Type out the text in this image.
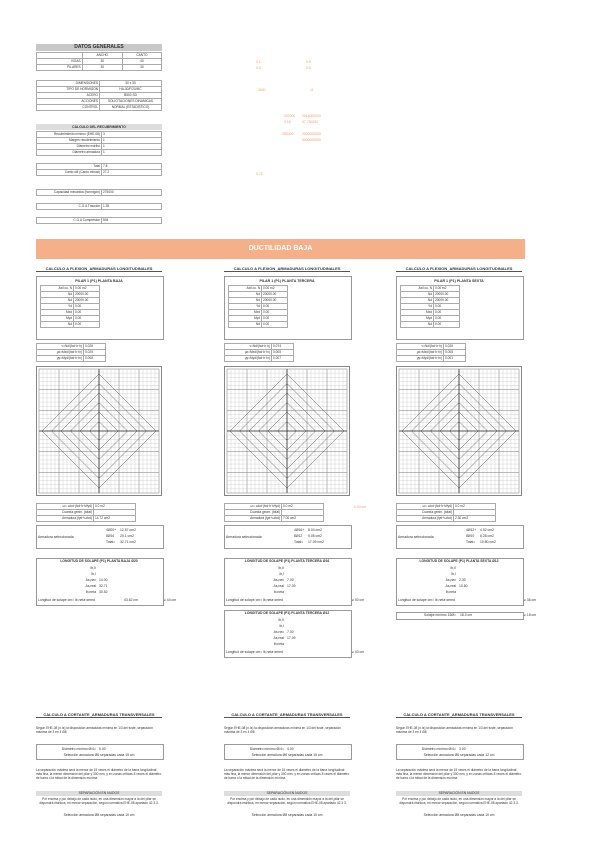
DATOS GENERALES
	ANCHO	CANTO
VIGAS	30	40
PILARES	30	30
0.1	0.5
0.5	0.5
DIMENSIONES	30 x 30
TIPO DE HORMIGÓN	HA-30/F/20/IIIC
ACERO	B500 SD
ACCIONES	SOLICITACIONES DINÁMICAS
CONTROL	NORMAL (ESTADÍSTICO)
3000	11
202000 2014000000
0.16	47.790250
280000	2000000000
4000000000
CÁLCULO DEL RECUBRIMIENTO
Recubrimiento mínimo (EHE-08)	3
Margen recubrimiento	1
Diámetro estribo	1
Diámetro armadura	1
Total	7.8
Canto útil (Canto minusi)	27.2	0.70
Capacidad mecánica (hormigón)	275000
C.G.A Tracción	1.35
C.G.A Compresión	594
DUCTILIDAD BAJA
CALCULO A FLEXION_ARMADURAS LONGITUDINALES
PILAR 1 (P1) PLANTA BAJA
Axil cu. N	0.00 m2
Nd	20000.00
Nd	20000.00
Yd	0.00
Mxd	0.00
Myd	0.00
Nd	0.00
ν=Nd/(fcd·b·h)	0.026
μx=Mxd/(fcd·b·h²)	0.025
μy=Myd/(fcd·b·h²)	0.008
ω= ωtot·(fcd·b·h/fyd)	0.0 m2
Cuantía geom. (total)	
Armadura (fyd+ωfcd)	14.72 cm2
Armadura seleccionada
4Ø20+ 12.57 cm2
8Ø16 20.1 cm2
Total= 32.71 cm2
LONGITUD DE SOLAPE (P1) PLANTA BAJA Ø20
lb,II
lb,I
As,nec 14.00
As,real 32.71
lb,neta 30.52
Longitud de solape cm= lb,neta·αmed	43.62 cm	≥ 44 cm
CALCULO A CORTANTE_ARMADURAS TRANSVERSALES
Según EHE-08 (n.Is) la disposición armaduras mínima en 1/3 del fuste, separación máxima de 3 en 4 Ø8
Diámetro mínimo Ø/4= 5.00
Selección armadura Ø6 separadas cada 15 cm
La separación máxima será la menor de 15 veces el diámetro de la barra longitudinal más fina, la menor dimensión del pilar y 300 mm, y en zonas críticas 8 veces el diámetro de barra o la mitad de la dimensión mínima.
SEPARACIÓN EN NUDOS
Por encima y por debajo de cada nudo, en una dimensión mayor a la del pilar se dispondrá estribos, en menor separación, según normativa EHE-08 apartado 42.3.3.
Selección armadura Ø8 separadas cada 10 cm
CALCULO A FLEXION_ARMADURAS LONGITUDINALES
PILAR 1 (P1) PLANTA TERCERA
Axil cu. N	0.00 m2
Nd	20000.00
Nd	20000.00
Yd	0.00
Mxd	0.00
Myd	0.00
Nd	0.00
ν=Nd/(fcd·b·h)	0.074
μx=Mxd/(fcd·b·h²)	0.005
μy=Myd/(fcd·b·h²)	0.007
ω= ωtot·(fcd·b·h/fyd)	0.0 m2
Cuantía geom. (total)	
Armadura (fyd+ωfcd)	7.00 cm2
0.00 cm
Armadura seleccionada
4Ø16+ 8.04 cm2
8Ø12 9.05 cm2
Total= 17.09 cm2
LONGITUD DE SOLAPE (P1) PLANTA TERCERA Ø16
lb,II
lb,I
As,nec 7.00
As,real 17.09
lb,neta
Longitud de solape cm= lb,neta·αmed	≥ 40 cm
LONGITUD DE SOLAPE (P1) PLANTA TERCERA Ø12
lb,II
lb,I
As,nec 7.00
As,real 17.09
lb,neta
Longitud de solape cm= lb,neta·αmed	≥ 40 cm
CALCULO A CORTANTE_ARMADURAS TRANSVERSALES
Según EHE-08 (n.Is) la disposición armaduras mínima en 1/3 del fuste, separación máxima de 3 en 4 Ø8
Diámetro mínimo Ø/4= 4.00
Selección armadura Ø6 separadas cada 15 cm
La separación máxima será la menor de 15 veces el diámetro de la barra longitudinal más fina, la menor dimensión del pilar y 300 mm, y en zonas críticas 8 veces el diámetro de barra o la mitad de la dimensión mínima.
SEPARACIÓN EN NUDOS
Por encima y por debajo de cada nudo, en una dimensión mayor a la del pilar se dispondrá estribos, en menor separación, según normativa EHE-08 apartado 42.3.3.
Selección armadura Ø8 separadas cada 10 cm
CALCULO A FLEXION_ARMADURAS LONGITUDINALES
PILAR 1 (P1) PLANTA SEXTA
Axil cu. N	0.00 m2
Nd	20000.00
Nd	20000.00
Yd	0.00
Mxd	0.00
Myd	0.00
Nd	0.00
ν=Nd/(fcd·b·h)	0.026
μx=Mxd/(fcd·b·h²)	0.005
μy=Myd/(fcd·b·h²)	0.001
ω= ωtot·(fcd·b·h/fyd)	0.0 m2
Cuantía geom. (total)	
Armadura (fyd+ωfcd)	2.30 cm2
Armadura seleccionada
4Ø12+ 4.52 cm2
8Ø10 6.28 cm2
Total= 10.80 cm2
LONGITUD DE SOLAPE (P1) PLANTA SEXTA Ø12
lb,II
lb,I
As,nec 2.30
As,real 10.80
lb,neta
Longitud de solape cm= lb,neta·αmed	≥ 36 cm
Solape mínimo 15Ø= 18.0 cm	≥ 18 cm
CALCULO A CORTANTE_ARMADURAS TRANSVERSALES
Según EHE-08 (n.Is) la disposición armaduras mínima en 1/3 del fuste, separación máxima de 3 en 4 Ø8
Diámetro mínimo Ø/4= 3.00
Selección armadura Ø6 separadas cada 12 cm
La separación máxima será la menor de 15 veces el diámetro de la barra longitudinal más fina, la menor dimensión del pilar y 300 mm, y en zonas críticas 8 veces el diámetro de barra o la mitad de la dimensión mínima.
SEPARACIÓN EN NUDOS
Por encima y por debajo de cada nudo, en una dimensión mayor a la del pilar se dispondrá estribos, en menor separación, según normativa EHE-08 apartado 42.3.3.
Selección armadura Ø8 separadas cada 10 cm
